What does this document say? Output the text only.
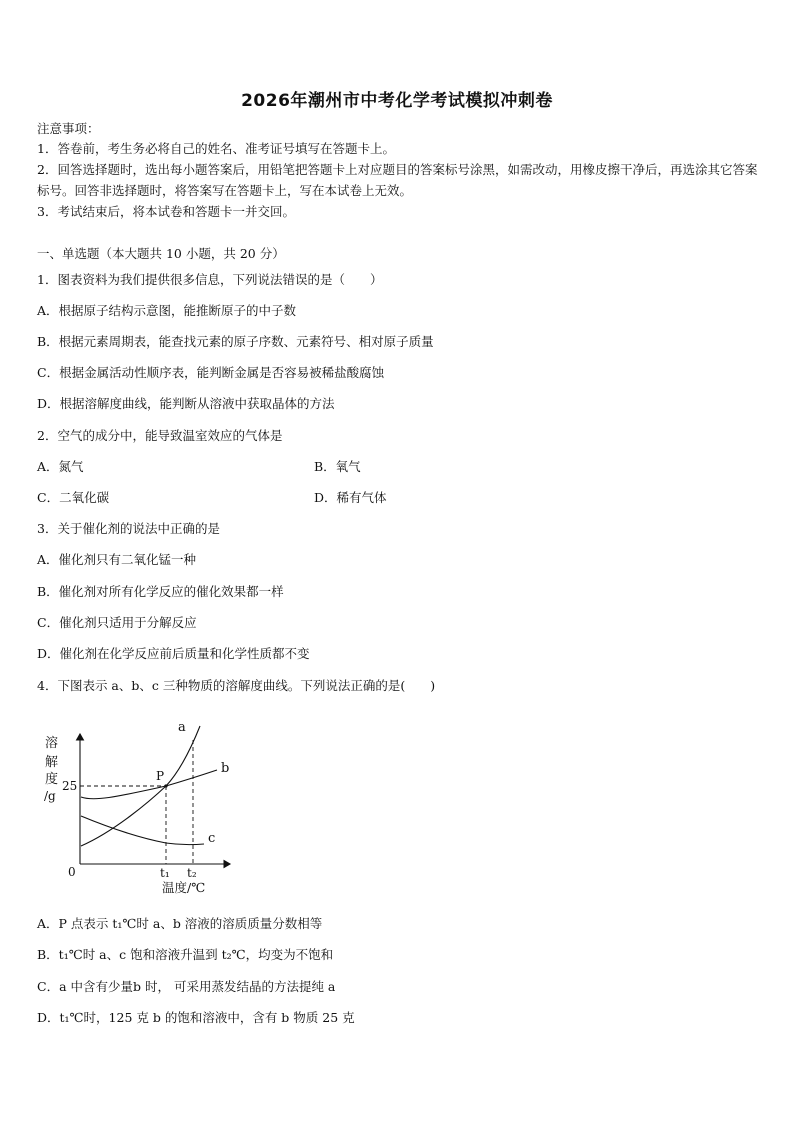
2026年潮州市中考化学考试模拟冲刺卷
注意事项：
1．答卷前，考生务必将自己的姓名、准考证号填写在答题卡上。
2．回答选择题时，选出每小题答案后，用铅笔把答题卡上对应题目的答案标号涂黑，如需改动，用橡皮擦干净后，再选涂其它答案标号。回答非选择题时，将答案写在答题卡上，写在本试卷上无效。
3．考试结束后，将本试卷和答题卡一并交回。
一、单选题（本大题共 10 小题，共 20 分）
1．图表资料为我们提供很多信息，下列说法错误的是（　　）
A．根据原子结构示意图，能推断原子的中子数
B．根据元素周期表，能查找元素的原子序数、元素符号、相对原子质量
C．根据金属活动性顺序表，能判断金属是否容易被稀盐酸腐蚀
D．根据溶解度曲线，能判断从溶液中获取晶体的方法
2．空气的成分中，能导致温室效应的气体是
A．氮气	B．氧气
C．二氧化碳	D．稀有气体
3．关于催化剂的说法中正确的是
A．催化剂只有二氧化锰一种
B．催化剂对所有化学反应的催化效果都一样
C．催化剂只适用于分解反应
D．催化剂在化学反应前后质量和化学性质都不变
4．下图表示 a、b、c 三种物质的溶解度曲线。下列说法正确的是(　　)
溶
解
度
/g
25
P
a
b
c
0	t₁ t₂
温度/℃
A．P 点表示 t₁℃时 a、b 溶液的溶质质量分数相等
B．t₁℃时 a、c 饱和溶液升温到 t₂℃，均变为不饱和
C．a 中含有少量b 时， 可采用蒸发结晶的方法提纯 a
D．t₁℃时，125 克 b 的饱和溶液中，含有 b 物质 25 克
